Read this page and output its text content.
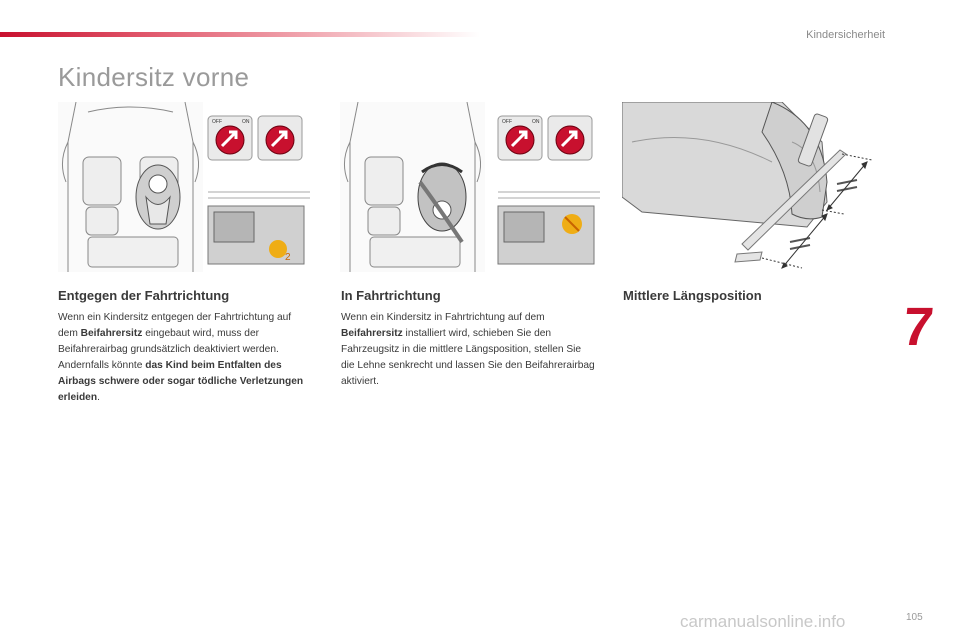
Kindersicherheit
Kindersitz vorne
OFF	ON
2
OFF	ON
Entgegen der Fahrtrichtung

Wenn ein Kindersitz entgegen der Fahrtrichtung auf dem Beifahrersitz eingebaut wird, muss der Beifahrerairbag grundsätzlich deaktiviert werden. Andernfalls könnte das Kind beim Entfalten des Airbags schwere oder sogar tödliche Verletzungen erleiden.

In Fahrtrichtung

Wenn ein Kindersitz in Fahrtrichtung auf dem Beifahrersitz installiert wird, schieben Sie den Fahrzeugsitz in die mittlere Längsposition, stellen Sie die Lehne senkrecht und lassen Sie den Beifahrerairbag aktiviert.

Mittlere Längsposition
7
carmanualsonline.info	105
